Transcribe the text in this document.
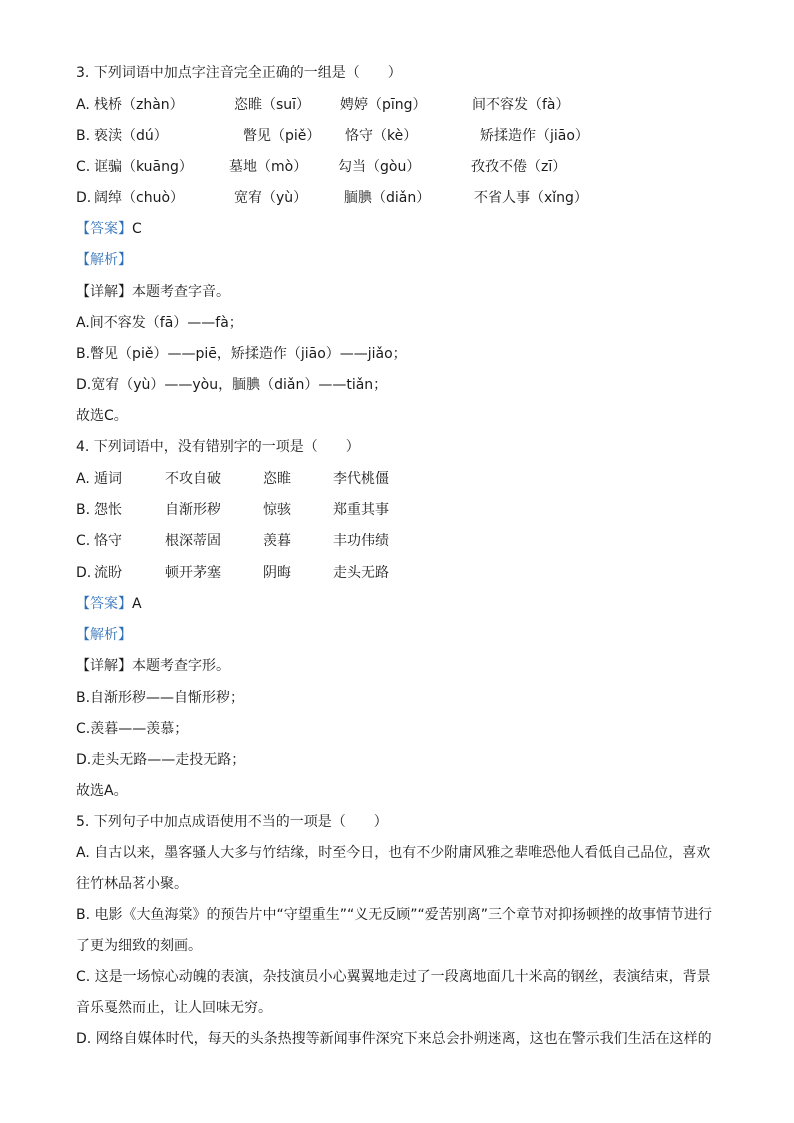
3. 下列词语中加点字注音完全正确的一组是（　　）
A. 栈桥（zhàn）	恣睢（suī） 娉婷（pīng）	间不容发（fà）
B. 亵渎（dú）	瞥见（piě） 恪守（kè）	矫揉造作（jiāo）
C. 诓骗（kuāng）	墓地（mò） 勾当（gòu）	孜孜不倦（zī）
D. 阔绰（chuò）	宽宥（yù）	腼腆（diǎn）	不省人事（xǐng）
【答案】C
【解析】
【详解】本题考查字音。
A.间不容发（fā）——fà；
B.瞥见（piě）——piē，矫揉造作（jiāo）——jiǎo；
D.宽宥（yù）——yòu，腼腆（diǎn）——tiǎn；
故选C。
4. 下列词语中，没有错别字的一项是（　　）
A. 遁词	不攻自破	恣睢	李代桃僵
B. 怨怅	自渐形秽	惊骇	郑重其事
C. 恪守	根深蒂固	羡暮	丰功伟绩
D. 流盼	顿开茅塞	阴晦	走头无路
【答案】A
【解析】
【详解】本题考查字形。
B.自渐形秽——自惭形秽；
C.羡暮——羡慕；
D.走头无路——走投无路；
故选A。
5. 下列句子中加点成语使用不当的一项是（　　）
A. 自古以来，墨客骚人大多与竹结缘，时至今日，也有不少附庸风雅之辈唯恐他人看低自己品位，喜欢往竹林品茗小聚。
B. 电影《大鱼海棠》的预告片中“守望重生”“义无反顾”“爱苦别离”三个章节对抑扬顿挫的故事情节进行了更为细致的刻画。
C. 这是一场惊心动魄的表演，杂技演员小心翼翼地走过了一段离地面几十米高的钢丝，表演结束，背景音乐戛然而止，让人回味无穷。
D. 网络自媒体时代，每天的头条热搜等新闻事件深究下来总会扑朔迷离，这也在警示我们生活在这样的
